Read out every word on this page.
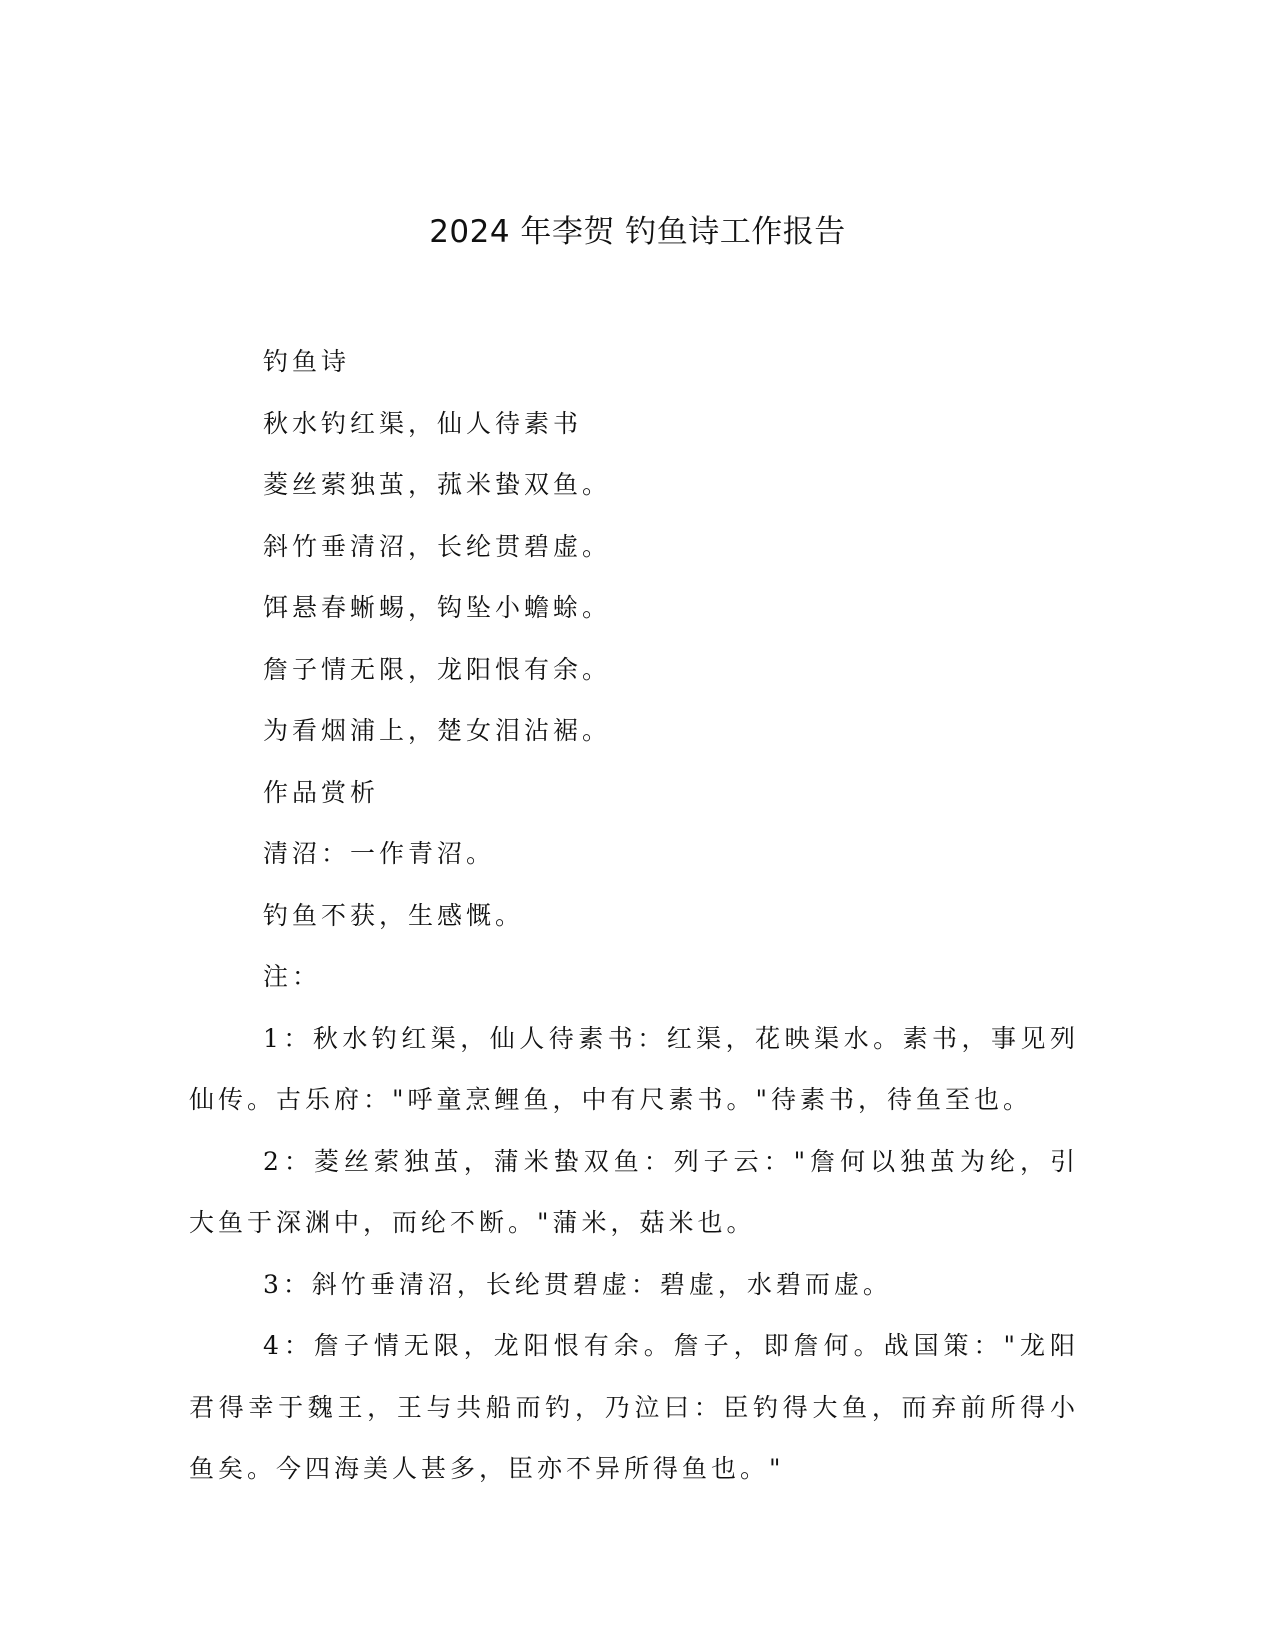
2024 年李贺 钓鱼诗工作报告

钓鱼诗

秋水钓红渠，仙人待素书

菱丝萦独茧，菰米蛰双鱼。

斜竹垂清沼，长纶贯碧虚。

饵悬春蜥蜴，钩坠小蟾蜍。

詹子情无限，龙阳恨有余。

为看烟浦上，楚女泪沾裾。

作品赏析

清沼：一作青沼。

钓鱼不获，生感慨。

注：

1：秋水钓红渠，仙人待素书：红渠，花映渠水。素书，事见列仙传。古乐府："呼童烹鲤鱼，中有尺素书。"待素书，待鱼至也。

2：菱丝萦独茧，蒲米蛰双鱼：列子云："詹何以独茧为纶，引大鱼于深渊中，而纶不断。"蒲米，菇米也。

3：斜竹垂清沼，长纶贯碧虚：碧虚，水碧而虚。

4：詹子情无限，龙阳恨有余。詹子，即詹何。战国策："龙阳君得幸于魏王，王与共船而钓，乃泣曰：臣钓得大鱼，而弃前所得小鱼矣。今四海美人甚多，臣亦不异所得鱼也。"
